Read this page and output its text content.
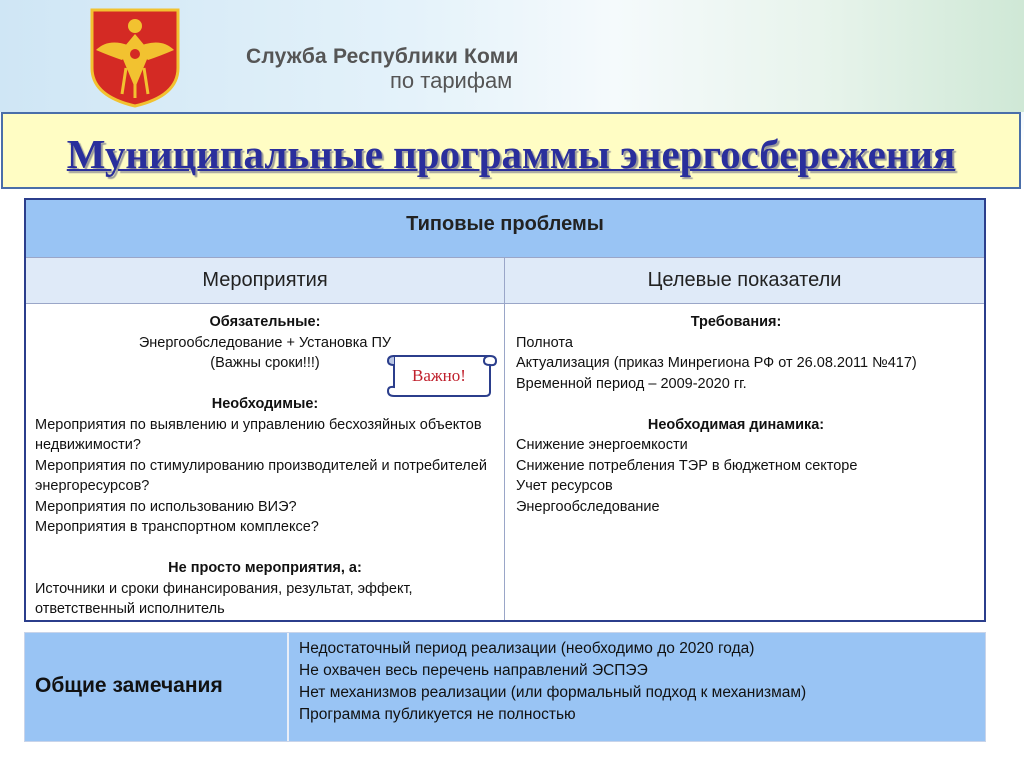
Служба Республики Коми
по тарифам
Муниципальные программы энергосбережения
Типовые проблемы
Мероприятия	Целевые показатели
Обязательные:
Энергообследование + Установка ПУ
(Важны сроки!!!)
Необходимые:
Мероприятия по выявлению и управлению бесхозяйных объектов недвижимости?
Мероприятия по стимулированию производителей и потребителей энергоресурсов?
Мероприятия по использованию ВИЭ?
Мероприятия в транспортном комплексе?
Не просто мероприятия, а:
Источники и сроки финансирования, результат, эффект, ответственный исполнитель
Требования:
Полнота
Актуализация (приказ Минрегиона РФ от 26.08.2011 №417)
Временной период – 2009-2020 гг.
Необходимая динамика:
Снижение энергоемкости
Снижение потребления ТЭР в бюджетном секторе
Учет ресурсов
Энергообследование
Важно!
Общие замечания
Недостаточный период реализации (необходимо до 2020 года)
Не охвачен весь перечень направлений ЭСПЭЭ
Нет механизмов реализации (или формальный подход к механизмам)
Программа публикуется не полностью
